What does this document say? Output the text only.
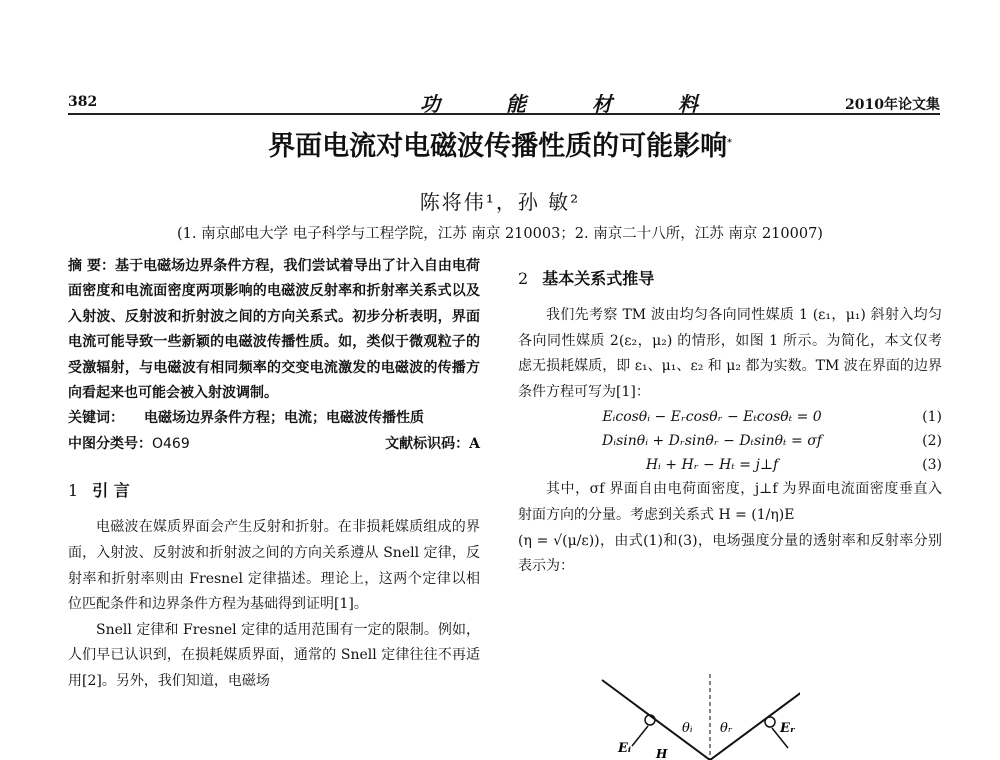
382	功	能	材	料	2010年论文集
界面电流对电磁波传播性质的可能影响*
陈将伟¹，孙 敏²
(1. 南京邮电大学 电子科学与工程学院，江苏 南京 210003；2. 南京二十八所，江苏 南京 210007)
摘 要：基于电磁场边界条件方程，我们尝试着导出了计入自由电荷面密度和电流面密度两项影响的电磁波反射率和折射率关系式以及入射波、反射波和折射波之间的方向关系式。初步分析表明，界面电流可能导致一些新颖的电磁波传播性质。如，类似于微观粒子的受激辐射，与电磁波有相同频率的交变电流激发的电磁波的传播方向看起来也可能会被入射波调制。
关键词：	电磁场边界条件方程；电流；电磁波传播性质
中图分类号：O469	文献标识码：A
1 引 言

电磁波在媒质界面会产生反射和折射。在非损耗媒质组成的界面，入射波、反射波和折射波之间的方向关系遵从 Snell 定律，反射率和折射率则由 Fresnel 定律描述。理论上，这两个定律以相位匹配条件和边界条件方程为基础得到证明[1]。

Snell 定律和 Fresnel 定律的适用范围有一定的限制。例如，人们早已认识到，在损耗媒质界面，通常的 Snell 定律往往不再适用[2]。另外，我们知道，电磁场

2 基本关系式推导

我们先考察 TM 波由均匀各向同性媒质 1 (ε₁，μ₁) 斜射入均匀各向同性媒质 2(ε₂，μ₂) 的情形，如图 1 所示。为简化，本文仅考虑无损耗媒质，即 ε₁、μ₁、ε₂ 和 μ₂ 都为实数。TM 波在界面的边界条件方程可写为[1]：

Eᵢcosθᵢ − Eᵣcosθᵣ − Eₜcosθₜ = 0	(1)
Dᵢsinθᵢ + Dᵣsinθᵣ − Dₜsinθₜ = σf	(2)
Hᵢ + Hᵣ − Hₜ = j⊥f	(3)

其中，σf 界面自由电荷面密度，j⊥f 为界面电流面密度垂直入射面方向的分量。考虑到关系式 H = (1/η)E

(η = √(μ/ε))，由式(1)和(3)，电场强度分量的透射率和反射率分别表示为：

θᵢ θᵣ
Eᵢ
Eᵣ
H
